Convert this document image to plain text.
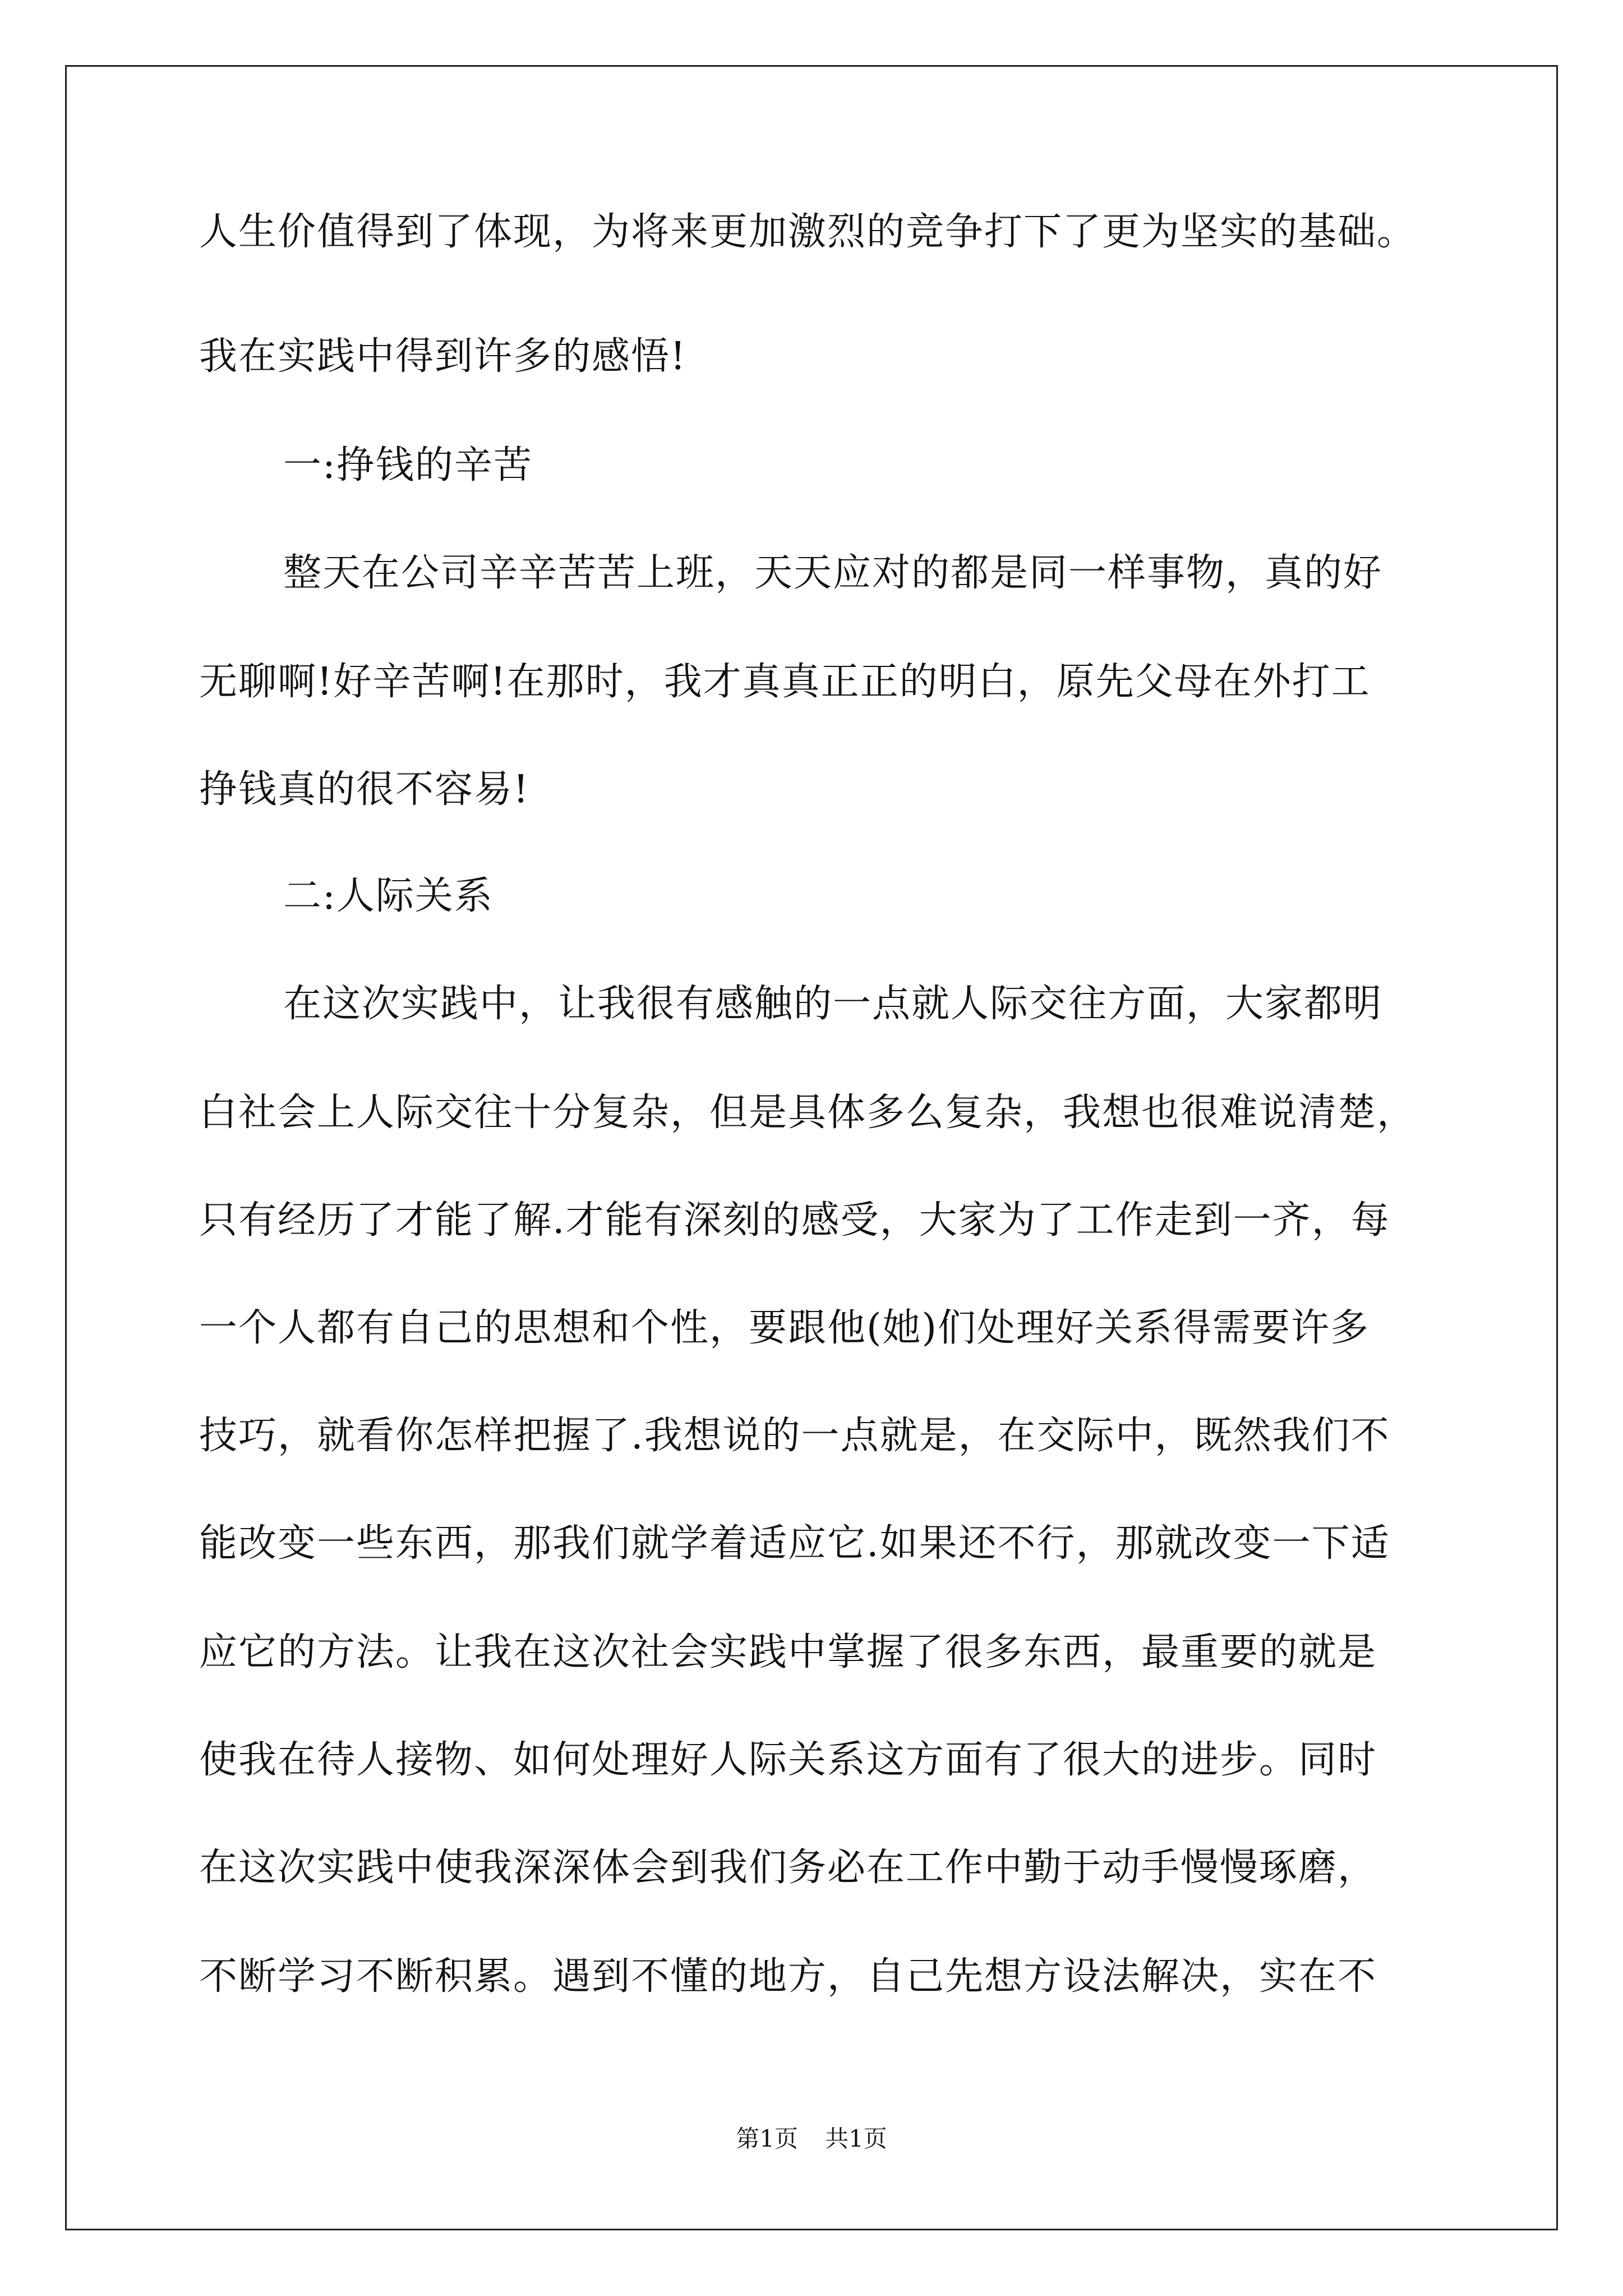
人生价值得到了体现，为将来更加激烈的竞争打下了更为坚实的基础。
我在实践中得到许多的感悟!
一:挣钱的辛苦
整天在公司辛辛苦苦上班，天天应对的都是同一样事物，真的好
无聊啊!好辛苦啊!在那时，我才真真正正的明白，原先父母在外打工
挣钱真的很不容易!
二:人际关系
在这次实践中，让我很有感触的一点就人际交往方面，大家都明
白社会上人际交往十分复杂，但是具体多么复杂，我想也很难说清楚，
只有经历了才能了解.才能有深刻的感受，大家为了工作走到一齐，每
一个人都有自己的思想和个性，要跟他(她)们处理好关系得需要许多
技巧，就看你怎样把握了.我想说的一点就是，在交际中，既然我们不
能改变一些东西，那我们就学着适应它.如果还不行，那就改变一下适
应它的方法。让我在这次社会实践中掌握了很多东西，最重要的就是
使我在待人接物、如何处理好人际关系这方面有了很大的进步。同时
在这次实践中使我深深体会到我们务必在工作中勤于动手慢慢琢磨，
不断学习不断积累。遇到不懂的地方，自己先想方设法解决，实在不
第1页 共1页
